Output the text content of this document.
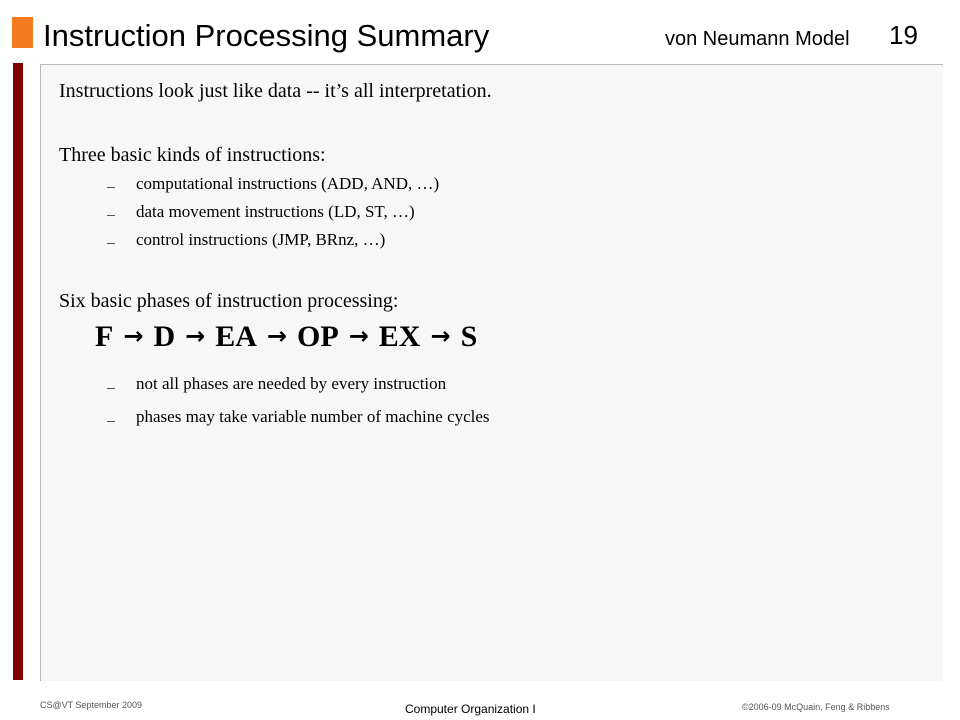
Instruction Processing Summary	von Neumann Model 19
Instructions look just like data -- it’s all interpretation.
Three basic kinds of instructions:
computational instructions (ADD, AND, …)
data movement instructions (LD, ST, …)
control instructions (JMP, BRnz, …)
Six basic phases of instruction processing:
F → D → EA → OP → EX → S
not all phases are needed by every instruction
phases may take variable number of machine cycles
CS@VT September 2009	Computer Organization I	©2006-09 McQuain, Feng & Ribbens
